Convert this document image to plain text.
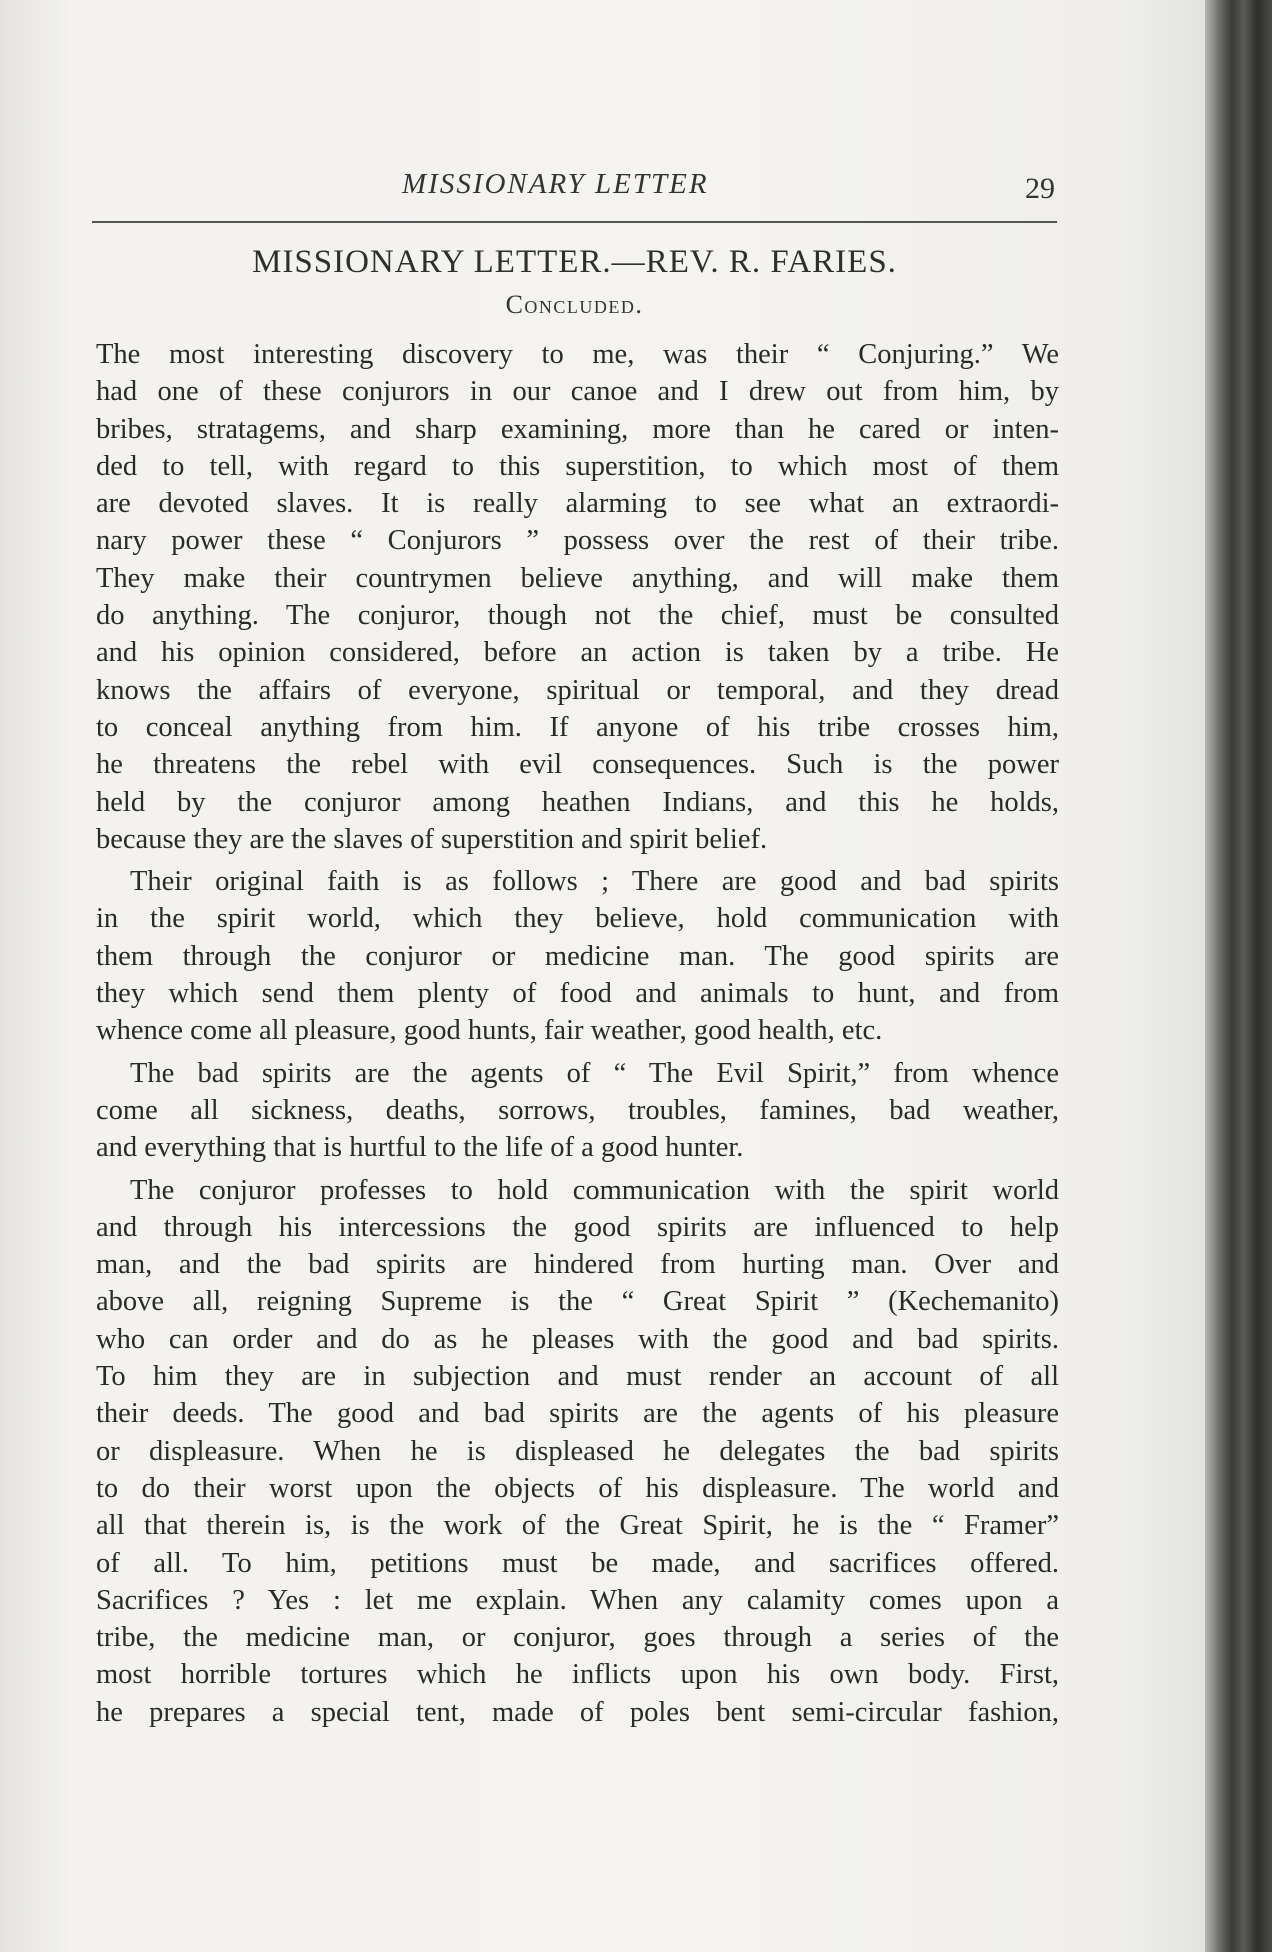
MISSIONARY LETTER	29
MISSIONARY LETTER.—REV. R. FARIES.
Concluded.
The most interesting discovery to me, was their “ Conjuring.” We
had one of these conjurors in our canoe and I drew out from him, by
bribes, stratagems, and sharp examining, more than he cared or inten-
ded to tell, with regard to this superstition, to which most of them
are devoted slaves. It is really alarming to see what an extraordi-
nary power these “ Conjurors ” possess over the rest of their tribe.
They make their countrymen believe anything, and will make them
do anything. The conjuror, though not the chief, must be consulted
and his opinion considered, before an action is taken by a tribe. He
knows the affairs of everyone, spiritual or temporal, and they dread
to conceal anything from him. If anyone of his tribe crosses him,
he threatens the rebel with evil consequences. Such is the power
held by the conjuror among heathen Indians, and this he holds,
because they are the slaves of superstition and spirit belief.
Their original faith is as follows ; There are good and bad spirits
in the spirit world, which they believe, hold communication with
them through the conjuror or medicine man. The good spirits are
they which send them plenty of food and animals to hunt, and from
whence come all pleasure, good hunts, fair weather, good health, etc.
The bad spirits are the agents of “ The Evil Spirit,” from whence
come all sickness, deaths, sorrows, troubles, famines, bad weather,
and everything that is hurtful to the life of a good hunter.
The conjuror professes to hold communication with the spirit world
and through his intercessions the good spirits are influenced to help
man, and the bad spirits are hindered from hurting man. Over and
above all, reigning Supreme is the “ Great Spirit ” (Kechemanito)
who can order and do as he pleases with the good and bad spirits.
To him they are in subjection and must render an account of all
their deeds. The good and bad spirits are the agents of his pleasure
or displeasure. When he is displeased he delegates the bad spirits
to do their worst upon the objects of his displeasure. The world and
all that therein is, is the work of the Great Spirit, he is the “ Framer”
of all. To him, petitions must be made, and sacrifices offered.
Sacrifices ? Yes : let me explain. When any calamity comes upon a
tribe, the medicine man, or conjuror, goes through a series of the
most horrible tortures which he inflicts upon his own body. First,
he prepares a special tent, made of poles bent semi-circular fashion,
